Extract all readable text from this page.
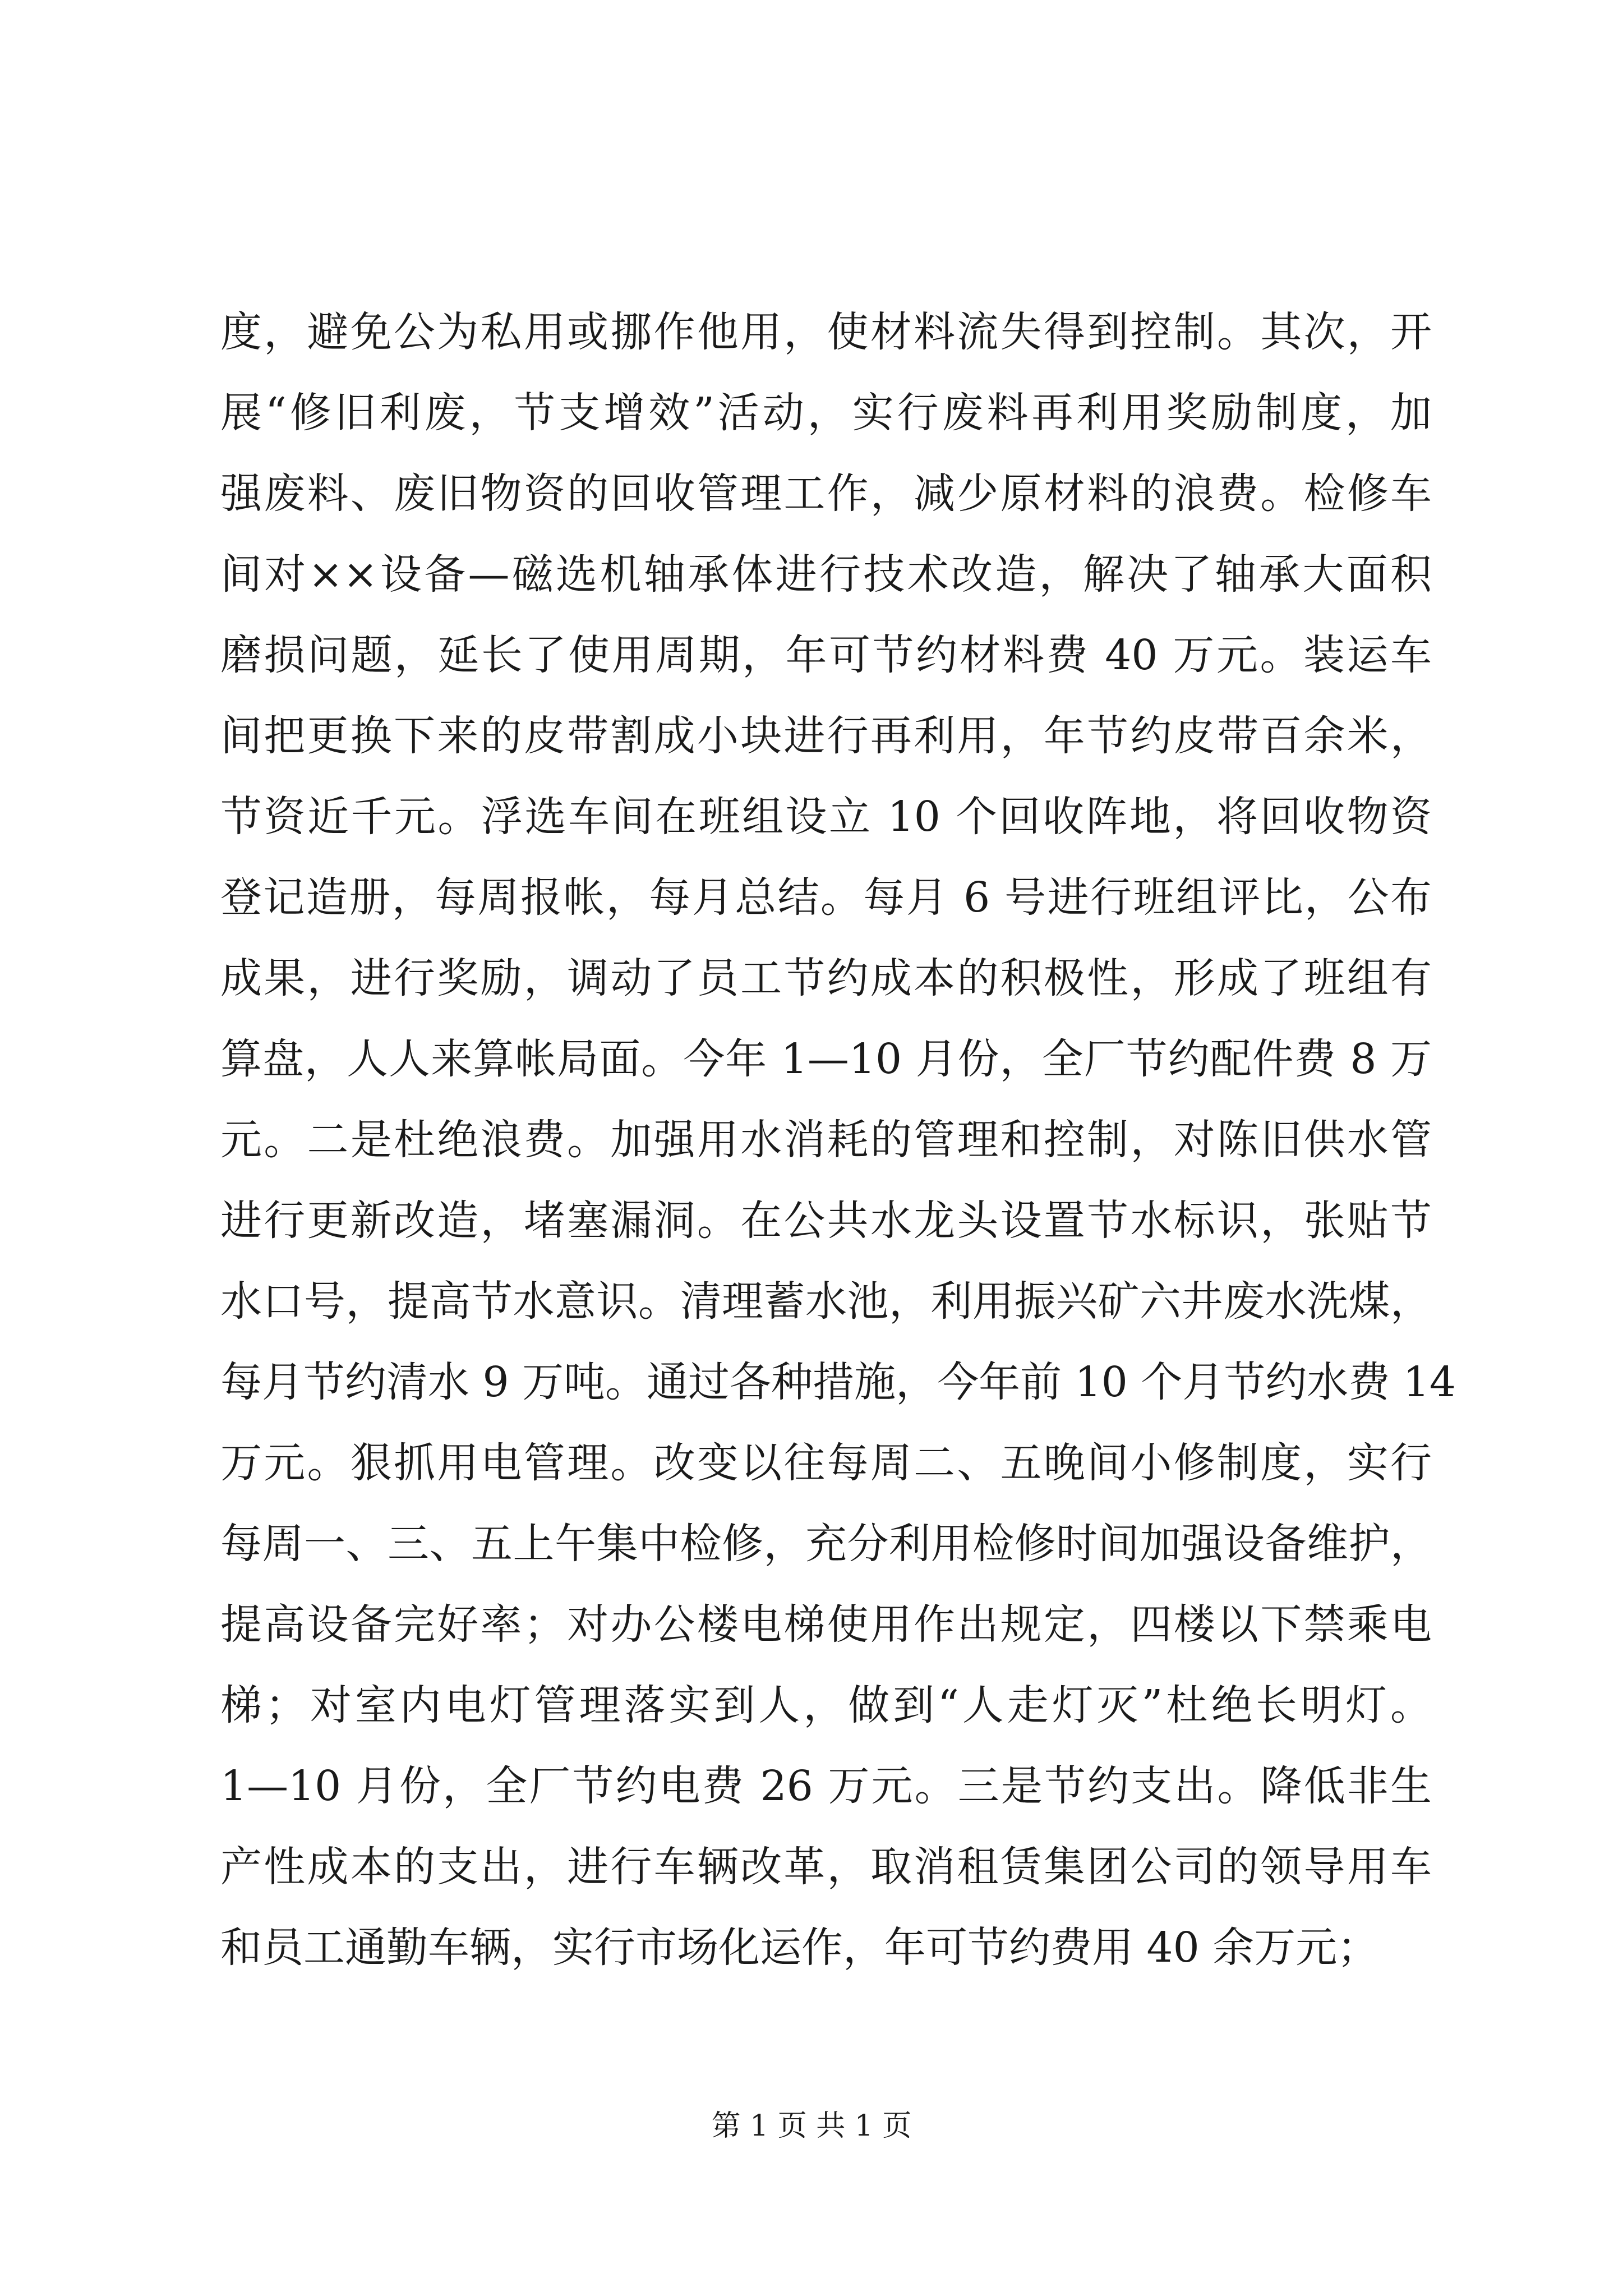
度，避免公为私用或挪作他用，使材料流失得到控制。其次，开
展“修旧利废，节支增效”活动，实行废料再利用奖励制度，加
强废料、废旧物资的回收管理工作，减少原材料的浪费。检修车
间对××设备—磁选机轴承体进行技术改造，解决了轴承大面积
磨损问题，延长了使用周期，年可节约材料费 40 万元。装运车
间把更换下来的皮带割成小块进行再利用，年节约皮带百余米，
节资近千元。浮选车间在班组设立 10 个回收阵地，将回收物资
登记造册，每周报帐，每月总结。每月 6 号进行班组评比，公布
成果，进行奖励，调动了员工节约成本的积极性，形成了班组有
算盘，人人来算帐局面。今年 1—10 月份，全厂节约配件费 8 万
元。二是杜绝浪费。加强用水消耗的管理和控制，对陈旧供水管
进行更新改造，堵塞漏洞。在公共水龙头设置节水标识，张贴节
水口号，提高节水意识。清理蓄水池，利用振兴矿六井废水洗煤，
每月节约清水 9 万吨。通过各种措施，今年前 10 个月节约水费 14
万元。狠抓用电管理。改变以往每周二、五晚间小修制度，实行
每周一、三、五上午集中检修，充分利用检修时间加强设备维护，
提高设备完好率；对办公楼电梯使用作出规定，四楼以下禁乘电
梯；对室内电灯管理落实到人，做到“人走灯灭”杜绝长明灯。
1—10 月份，全厂节约电费 26 万元。三是节约支出。降低非生
产性成本的支出，进行车辆改革，取消租赁集团公司的领导用车
和员工通勤车辆，实行市场化运作，年可节约费用 40 余万元；
第 1 页 共 1 页
